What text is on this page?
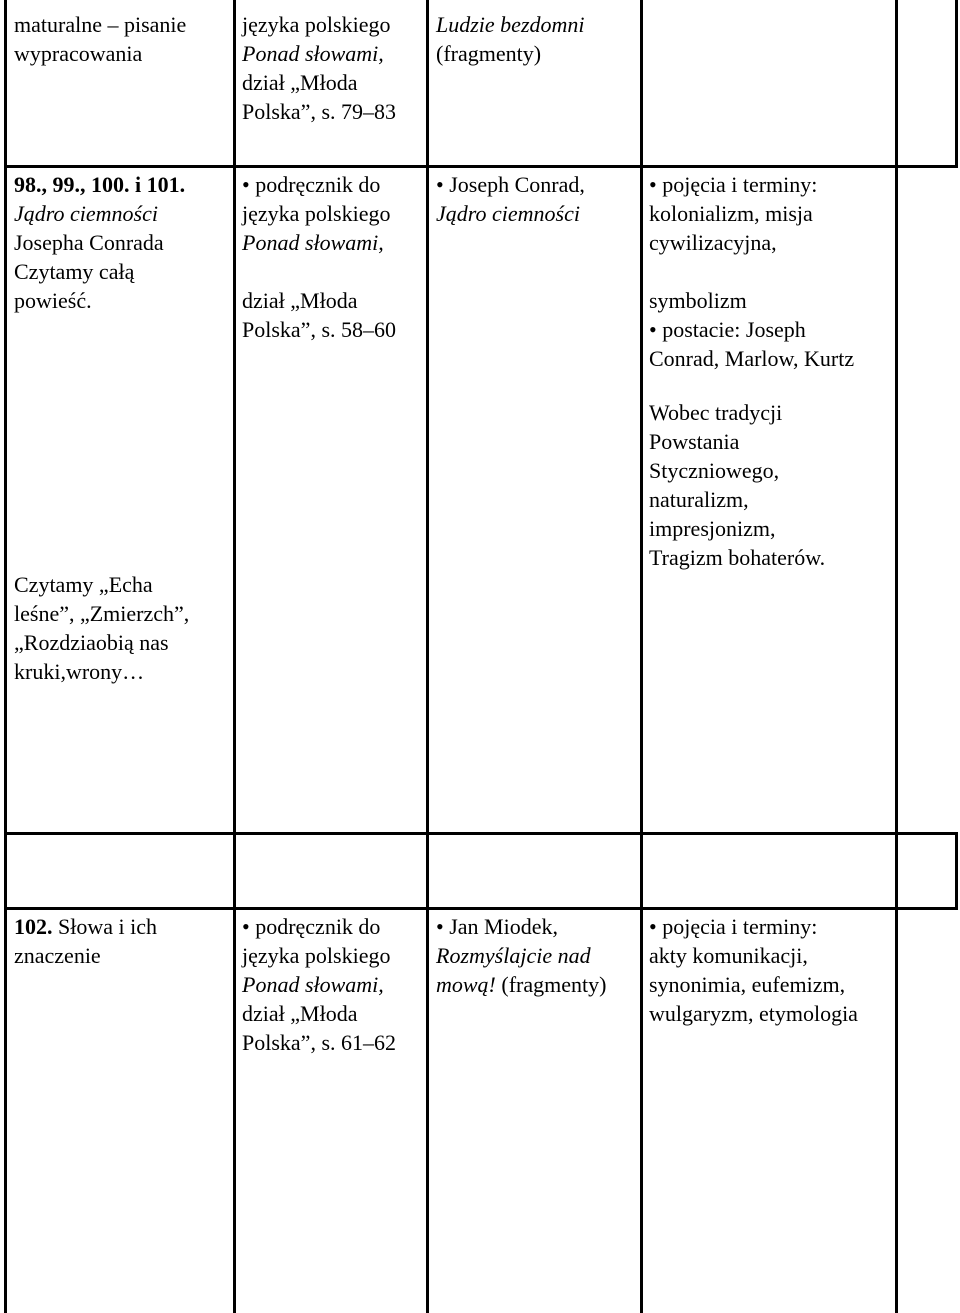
maturalne – pisanie
wypracowania
języka polskiego
Ponad słowami,
dział „Młoda
Polska”, s. 79–83
Ludzie bezdomni
(fragmenty)
98., 99., 100. i 101.
Jądro ciemności
Josepha Conrada
Czytamy całą
powieść.
Czytamy „Echa
leśne”, „Zmierzch”,
„Rozdziaobią nas
kruki,wrony…
• podręcznik do
języka polskiego
Ponad słowami,
dział „Młoda
Polska”, s. 58–60
• Joseph Conrad,
Jądro ciemności
• pojęcia i terminy:
kolonializm, misja
cywilizacyjna,
symbolizm
• postacie: Joseph
Conrad, Marlow, Kurtz
Wobec tradycji
Powstania
Styczniowego,
naturalizm,
impresjonizm,
Tragizm bohaterów.
102. Słowa i ich
znaczenie
• podręcznik do
języka polskiego
Ponad słowami,
dział „Młoda
Polska”, s. 61–62
• Jan Miodek,
Rozmyślajcie nad
mową! (fragmenty)
• pojęcia i terminy:
akty komunikacji,
synonimia, eufemizm,
wulgaryzm, etymologia
